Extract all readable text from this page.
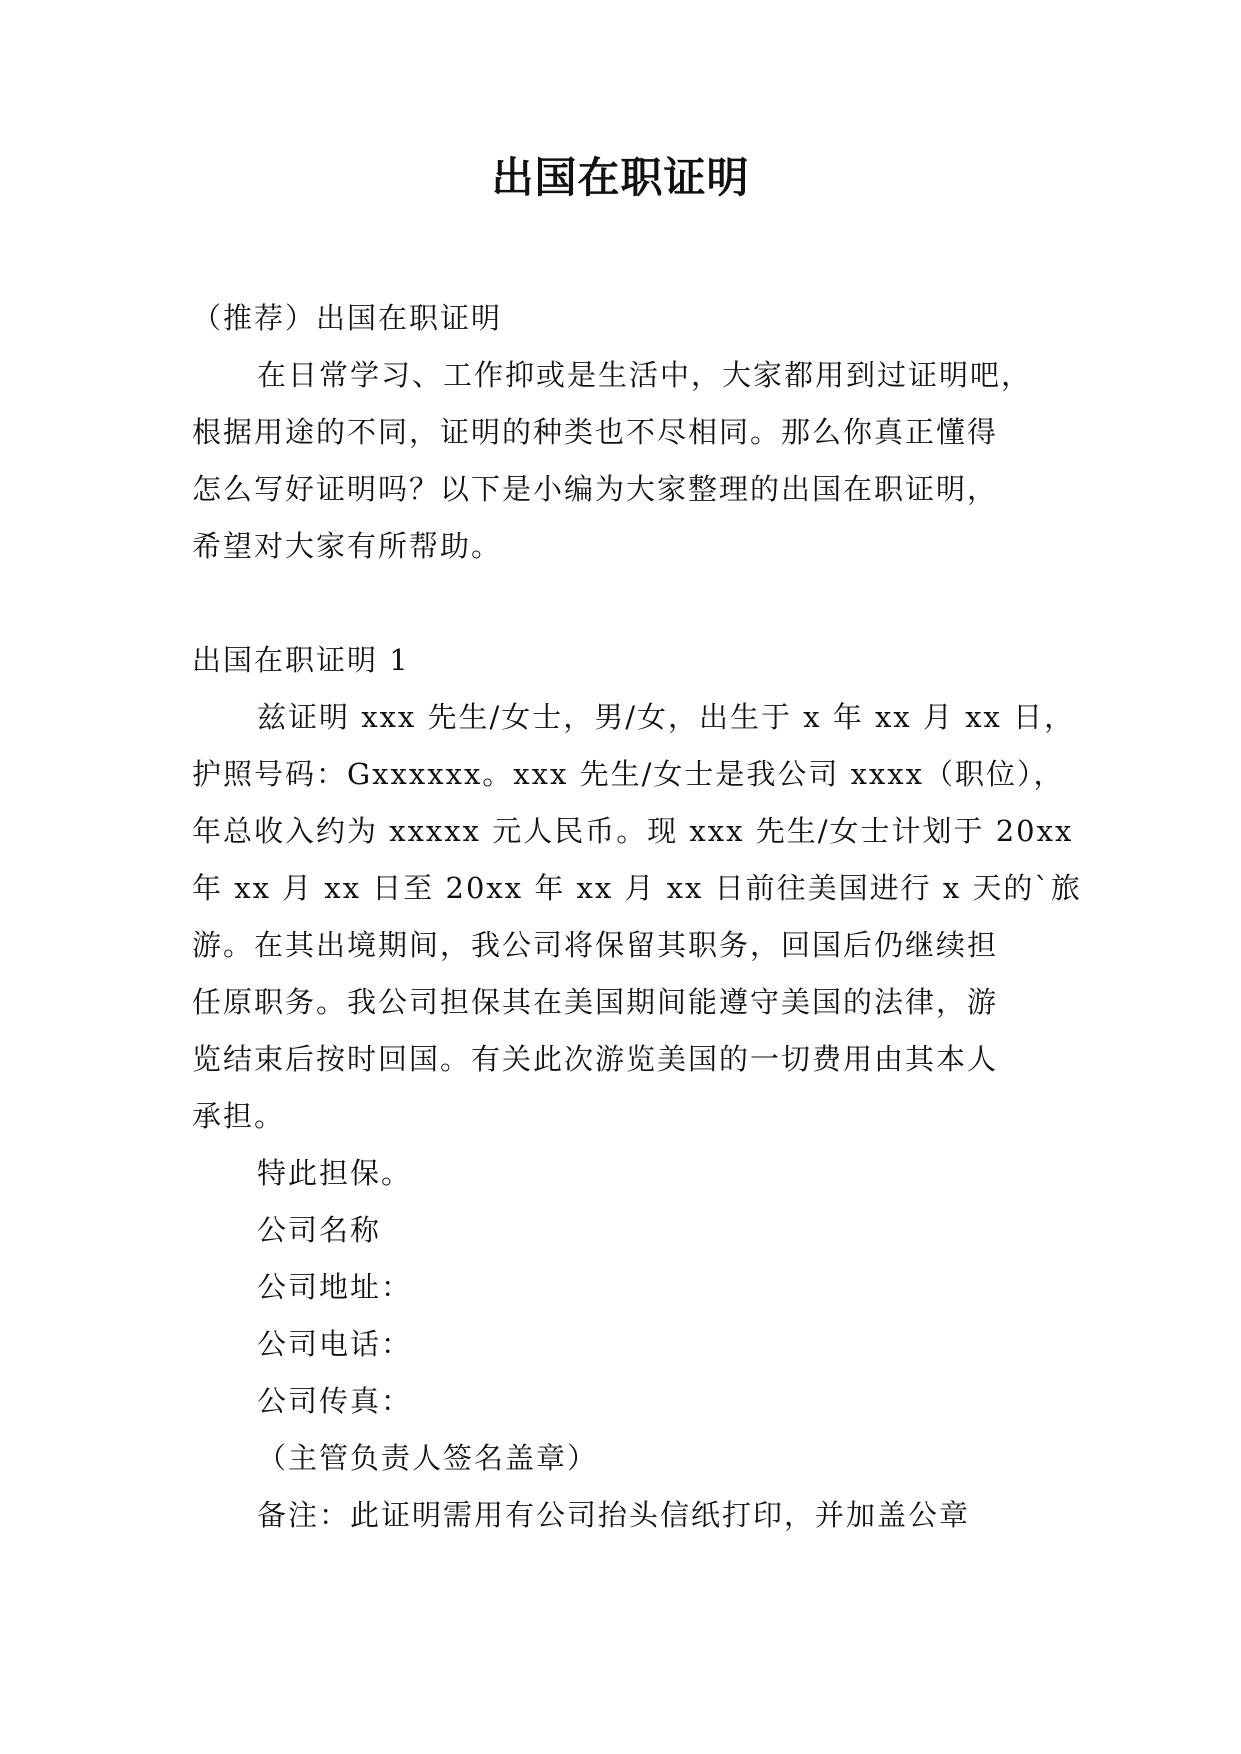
出国在职证明
（推荐）出国在职证明
在日常学习、工作抑或是生活中，大家都用到过证明吧，
根据用途的不同，证明的种类也不尽相同。那么你真正懂得
怎么写好证明吗？以下是小编为大家整理的出国在职证明，
希望对大家有所帮助。
出国在职证明 1
兹证明 xxx 先生/女士，男/女，出生于 x 年 xx 月 xx 日，
护照号码：Gxxxxxx。xxx 先生/女士是我公司 xxxx（职位），
年总收入约为 xxxxx 元人民币。现 xxx 先生/女士计划于 20xx
年 xx 月 xx 日至 20xx 年 xx 月 xx 日前往美国进行 x 天的`旅
游。在其出境期间，我公司将保留其职务，回国后仍继续担
任原职务。我公司担保其在美国期间能遵守美国的法律，游
览结束后按时回国。有关此次游览美国的一切费用由其本人
承担。
特此担保。
公司名称
公司地址：
公司电话：
公司传真：
（主管负责人签名盖章）
备注：此证明需用有公司抬头信纸打印，并加盖公章
